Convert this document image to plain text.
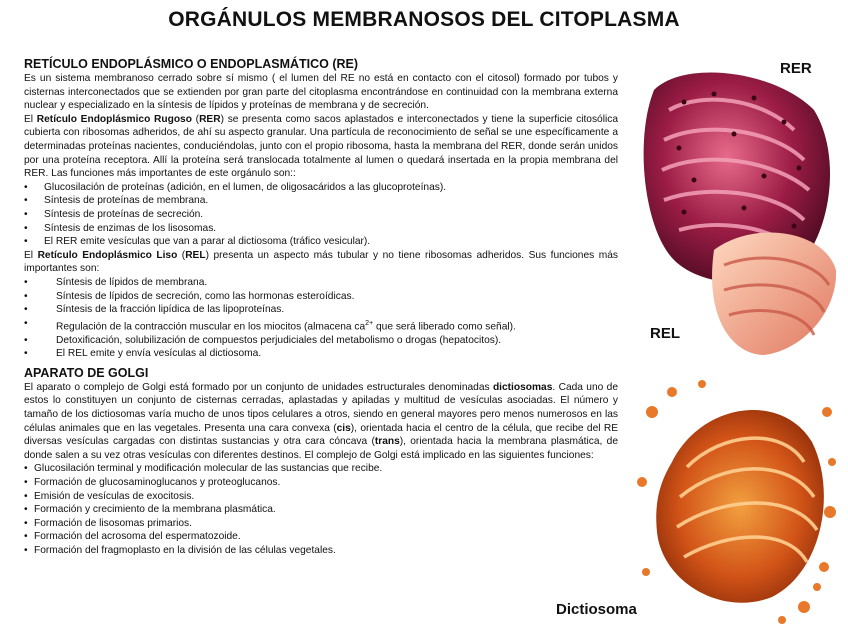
ORGÁNULOS MEMBRANOSOS DEL CITOPLASMA
RETÍCULO ENDOPLÁSMICO O ENDOPLASMÁTICO (RE)

Es un sistema membranoso cerrado sobre sí mismo ( el lumen del RE no está en contacto con el citosol) formado por tubos y cisternas interconectados que se extienden por gran parte del citoplasma encontrándose en continuidad con la membrana externa nuclear y especializado en la síntesis de lípidos y proteínas de membrana y de secreción.

El Retículo Endoplásmico Rugoso (RER) se presenta como sacos aplastados e interconectados y tiene la superficie citosólica cubierta con ribosomas adheridos, de ahí su aspecto granular. Una partícula de reconocimiento de señal se une específicamente a determinadas proteínas nacientes, conduciéndolas, junto con el propio ribosoma, hasta la membrana del RER, donde serán unidos por una proteína receptora. Allí la proteína será translocada totalmente al lumen o quedará insertada en la propia membrana del RER. Las funciones más importantes de este orgánulo son::

• Glucosilación de proteínas (adición, en el lumen, de oligosacáridos a las glucoproteínas).
• Síntesis de proteínas de membrana.
• Síntesis de proteínas de secreción.
• Síntesis de enzimas de los lisosomas.
• El RER emite vesículas que van a parar al dictiosoma (tráfico vesicular).

El Retículo Endoplásmico Liso (REL) presenta un aspecto más tubular y no tiene ribosomas adheridos. Sus funciones más importantes son:

• Síntesis de lípidos de membrana.
• Síntesis de lípidos de secreción, como las hormonas esteroídicas.
• Síntesis de la fracción lipídica de las lipoproteínas.
• Regulación de la contracción muscular en los miocitos (almacena $ca^{2+}$ que será liberado como señal).
• Detoxificación, solubilización de compuestos perjudiciales del metabolismo o drogas (hepatocitos).
• El REL emite y envía vesículas al dictiosoma.
APARATO DE GOLGI

El aparato o complejo de Golgi está formado por un conjunto de unidades estructurales denominadas dictiosomas. Cada uno de estos lo constituyen un conjunto de cisternas cerradas, aplastadas y apiladas y multitud de vesículas asociadas. El número y tamaño de los dictiosomas varía mucho de unos tipos celulares a otros, siendo en general mayores pero menos numerosos en las células animales que en las vegetales. Presenta una cara convexa (cis), orientada hacia el centro de la célula, que recibe del RE diversas vesículas cargadas con distintas sustancias y otra cara cóncava (trans), orientada hacia la membrana plasmática, de donde salen a su vez otras vesículas con diferentes destinos. El complejo de Golgi está implicado en las siguientes funciones:

• Glucosilación terminal y modificación molecular de las sustancias que recibe.
• Formación de glucosaminoglucanos y proteoglucanos.
• Emisión de vesículas de exocitosis.
• Formación y crecimiento de la membrana plasmática.
• Formación de lisosomas primarios.
• Formación del acrosoma del espermatozoide.
• Formación del fragmoplasto en la división de las células vegetales.
RER
REL
Dictiosoma
